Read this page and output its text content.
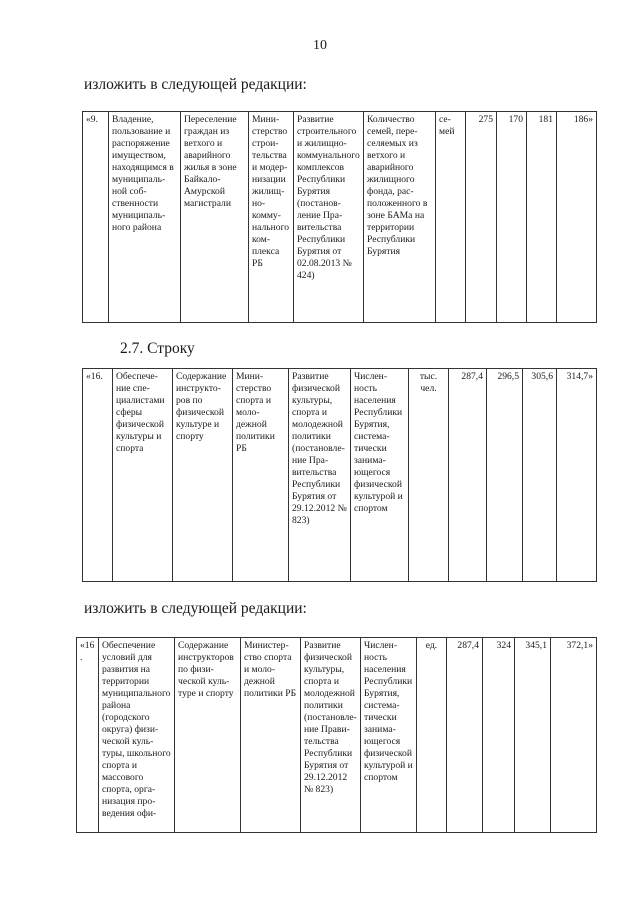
10
изложить в следующей редакции:
«9.	Владение, пользование и распоряжение имуществом, находящимся в муниципальной собственности муниципального района	Переселение граждан из ветхого и аварийного жилья в зоне Байкало-Амурской магистрали	Министерство строительства и модернизации жилищно-коммунального комплекса РБ	Развитие строительного и жилищно-коммунального комплексов Республики Бурятия (постановление Правительства Республики Бурятия от 02.08.2013 № 424)	Количество семей, переселяемых из ветхого и аварийного жилищного фонда, расположенного в зоне БАМа на территории Республики Бурятия	семей	275	170	181	186»
2.7. Строку
«16.	Обеспечение специалистами сферы физической культуры и спорта	Содержание инструкторов по физической культуре и спорту	Министерство спорта и молодежной политики РБ	Развитие физической культуры, спорта и молодежной политики (постановление Правительства Республики Бурятия от 29.12.2012 № 823)	Численность населения Республики Бурятия, систематически занимающегося физической культурой и спортом	тыс. чел.	287,4	296,5	305,6	314,7»
изложить в следующей редакции:
«16.	Обеспечение условий для развития на территории муниципального района (городского округа) физической культуры, школьного спорта и массового спорта, организация проведения офи-	Содержание инструкторов по физической культуре и спорту	Министерство спорта и молодежной политики РБ	Развитие физической культуры, спорта и молодежной политики (постановление Правительства Республики Бурятия от 29.12.2012 № 823)	Численность населения Республики Бурятия, систематически занимающегося физической культурой и спортом	ед.	287,4	324	345,1	372,1»
